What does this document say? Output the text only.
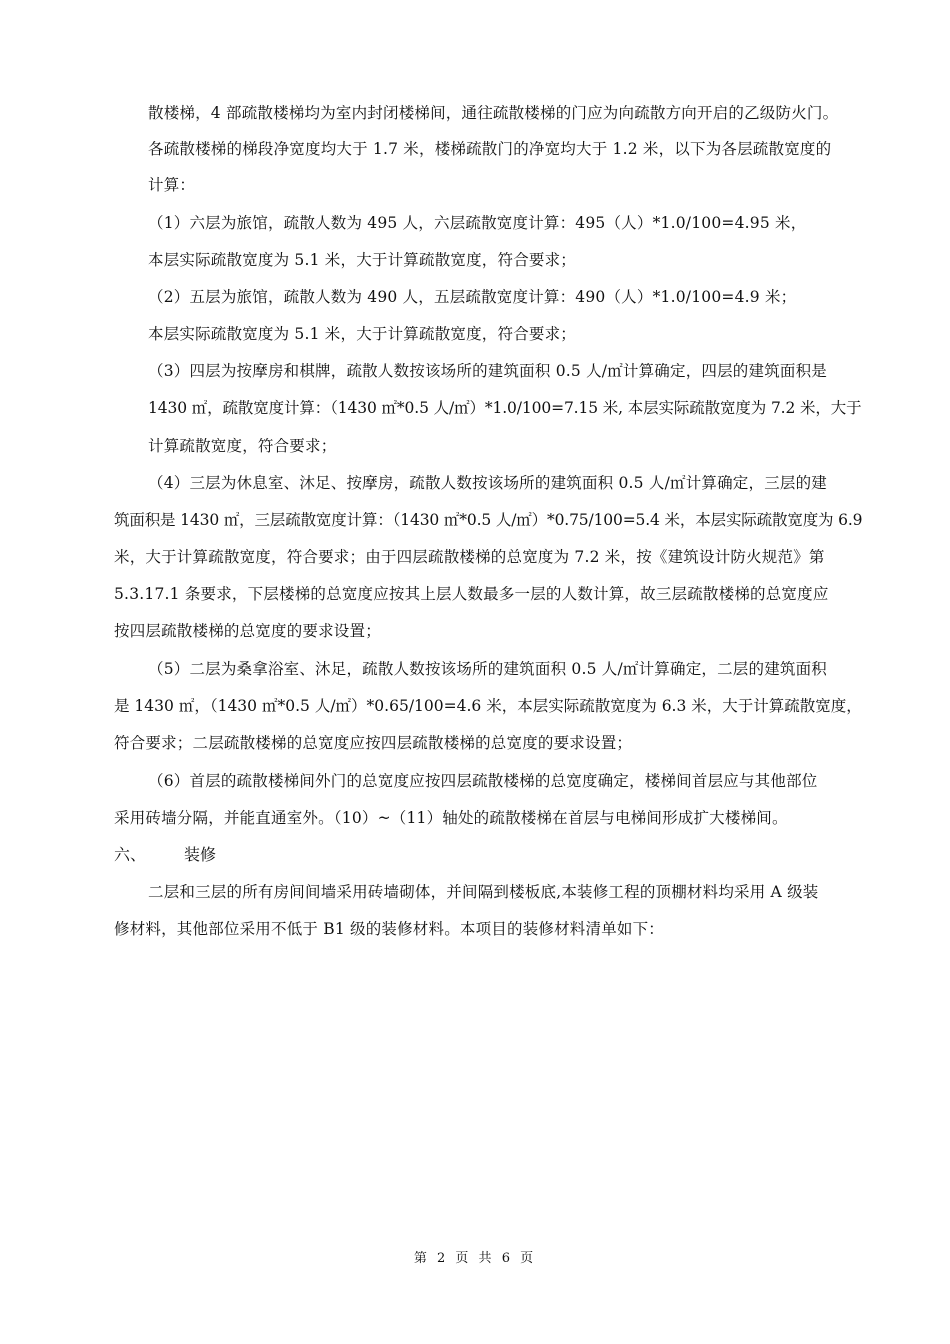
散楼梯，4 部疏散楼梯均为室内封闭楼梯间，通往疏散楼梯的门应为向疏散方向开启的乙级防火门。
各疏散楼梯的梯段净宽度均大于 1.7 米，楼梯疏散门的净宽均大于 1.2 米，以下为各层疏散宽度的
计算：
（1）六层为旅馆，疏散人数为 495 人，六层疏散宽度计算：495（人）*1.0/100=4.95 米，
本层实际疏散宽度为 5.1 米，大于计算疏散宽度，符合要求；
（2）五层为旅馆，疏散人数为 490 人，五层疏散宽度计算：490（人）*1.0/100=4.9 米；
本层实际疏散宽度为 5.1 米，大于计算疏散宽度，符合要求；
（3）四层为按摩房和棋牌，疏散人数按该场所的建筑面积 0.5 人/㎡计算确定，四层的建筑面积是
1430 ㎡，疏散宽度计算：（1430 ㎡*0.5 人/㎡）*1.0/100=7.15 米, 本层实际疏散宽度为 7.2 米，大于
计算疏散宽度，符合要求；
（4）三层为休息室、沐足、按摩房，疏散人数按该场所的建筑面积 0.5 人/㎡计算确定，三层的建
筑面积是 1430 ㎡，三层疏散宽度计算：（1430 ㎡*0.5 人/㎡）*0.75/100=5.4 米，本层实际疏散宽度为 6.9
米，大于计算疏散宽度，符合要求；由于四层疏散楼梯的总宽度为 7.2 米，按《建筑设计防火规范》第
5.3.17.1 条要求，下层楼梯的总宽度应按其上层人数最多一层的人数计算，故三层疏散楼梯的总宽度应
按四层疏散楼梯的总宽度的要求设置；
（5）二层为桑拿浴室、沐足，疏散人数按该场所的建筑面积 0.5 人/㎡计算确定，二层的建筑面积
是 1430 ㎡，（1430 ㎡*0.5 人/㎡）*0.65/100=4.6 米，本层实际疏散宽度为 6.3 米，大于计算疏散宽度，
符合要求；二层疏散楼梯的总宽度应按四层疏散楼梯的总宽度的要求设置；
（6）首层的疏散楼梯间外门的总宽度应按四层疏散楼梯的总宽度确定，楼梯间首层应与其他部位
采用砖墙分隔，并能直通室外。（10）~（11）轴处的疏散楼梯在首层与电梯间形成扩大楼梯间。
六、 装修
二层和三层的所有房间间墙采用砖墙砌体，并间隔到楼板底,本装修工程的顶棚材料均采用 A 级装
修材料，其他部位采用不低于 B1 级的装修材料。本项目的装修材料清单如下：
第 2 页 共 6 页
